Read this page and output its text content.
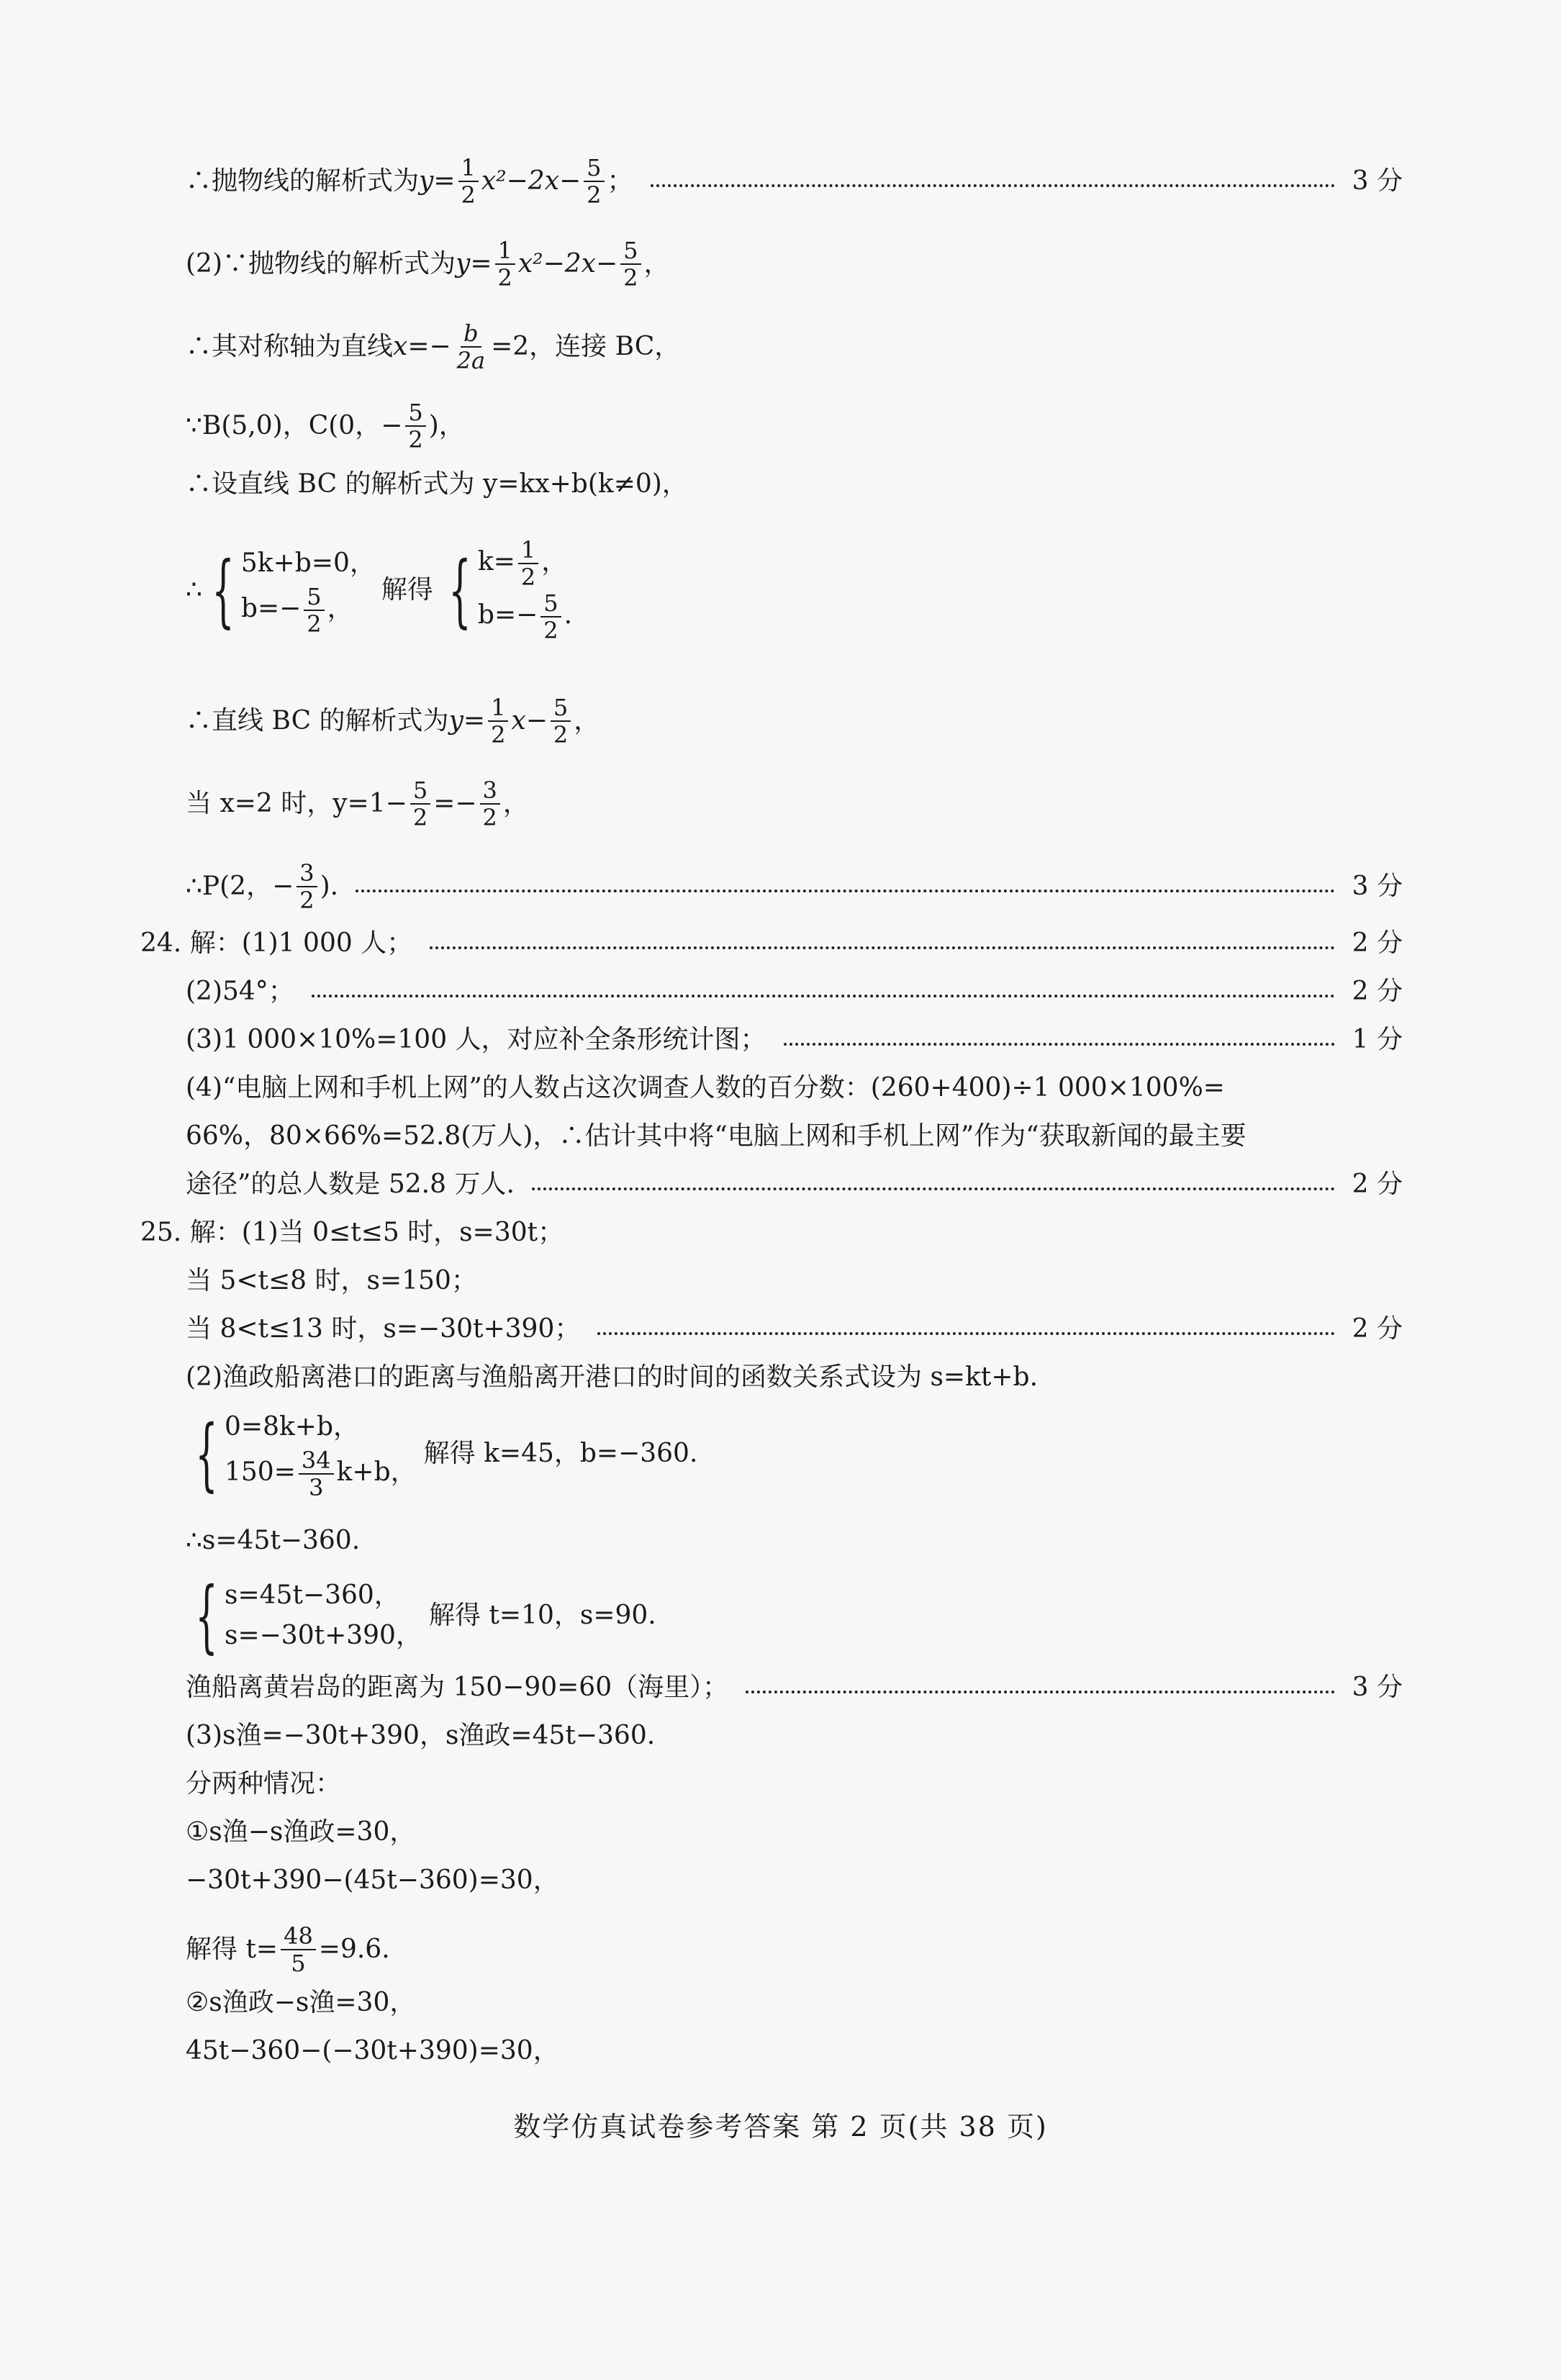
∴抛物线的解析式为 $y= \frac{1}{2} x^2-2x- \frac{5}{2}$ ；	3 分
(2)∵抛物线的解析式为 $y= \frac{1}{2} x^2-2x- \frac{5}{2}$ ，
∴其对称轴为直线 $x=- \frac{b}{2a} =2$，连接 BC，
∵B(5,0)，C(0，− $\frac{5}{2}$ )，
∴设直线 BC 的解析式为 y=kx+b(k≠0)，
∴ { 5k+b=0，
$b=- \frac{5}{2}$ ，
解得 { $k= \frac{1}{2}$ ，
$b=- \frac{5}{2}$ .
∴直线 BC 的解析式为 $y= \frac{1}{2} x- \frac{5}{2}$ ，
当 x=2 时，$y=1- \frac{5}{2} =- \frac{3}{2}$ ，
∴P(2，− $\frac{3}{2}$ ).	3 分
24. 解：(1)1 000 人；	2 分
(2)54°；	2 分
(3)1 000×10%=100 人，对应补全条形统计图；	1 分
(4)“电脑上网和手机上网”的人数占这次调查人数的百分数：(260+400)÷1 000×100%=
66%，80×66%=52.8(万人)，∴估计其中将“电脑上网和手机上网”作为“获取新闻的最主要
途径”的总人数是 52.8 万人.	2 分
25. 解：(1)当 0≤t≤5 时，s=30t；
当 5<t≤8 时，s=150；
当 8<t≤13 时，s=−30t+390；	2 分
(2)渔政船离港口的距离与渔船离开港口的时间的函数关系式设为 s=kt+b.
{ 0=8k+b，
$150= \frac{34}{3} k+b$，
解得 k=45，b=−360.
∴s=45t−360.
{ s=45t−360，
s=−30t+390，
解得 t=10，s=90.
渔船离黄岩岛的距离为 150−90=60（海里）；	3 分
(3)s渔=−30t+390，s渔政=45t−360.
分两种情况：
①s渔−s渔政=30，
−30t+390−(45t−360)=30，
解得 $t= \frac{48}{5} =9.6$.
②s渔政−s渔=30，
45t−360−(−30t+390)=30，
数学仿真试卷参考答案 第 2 页(共 38 页)
